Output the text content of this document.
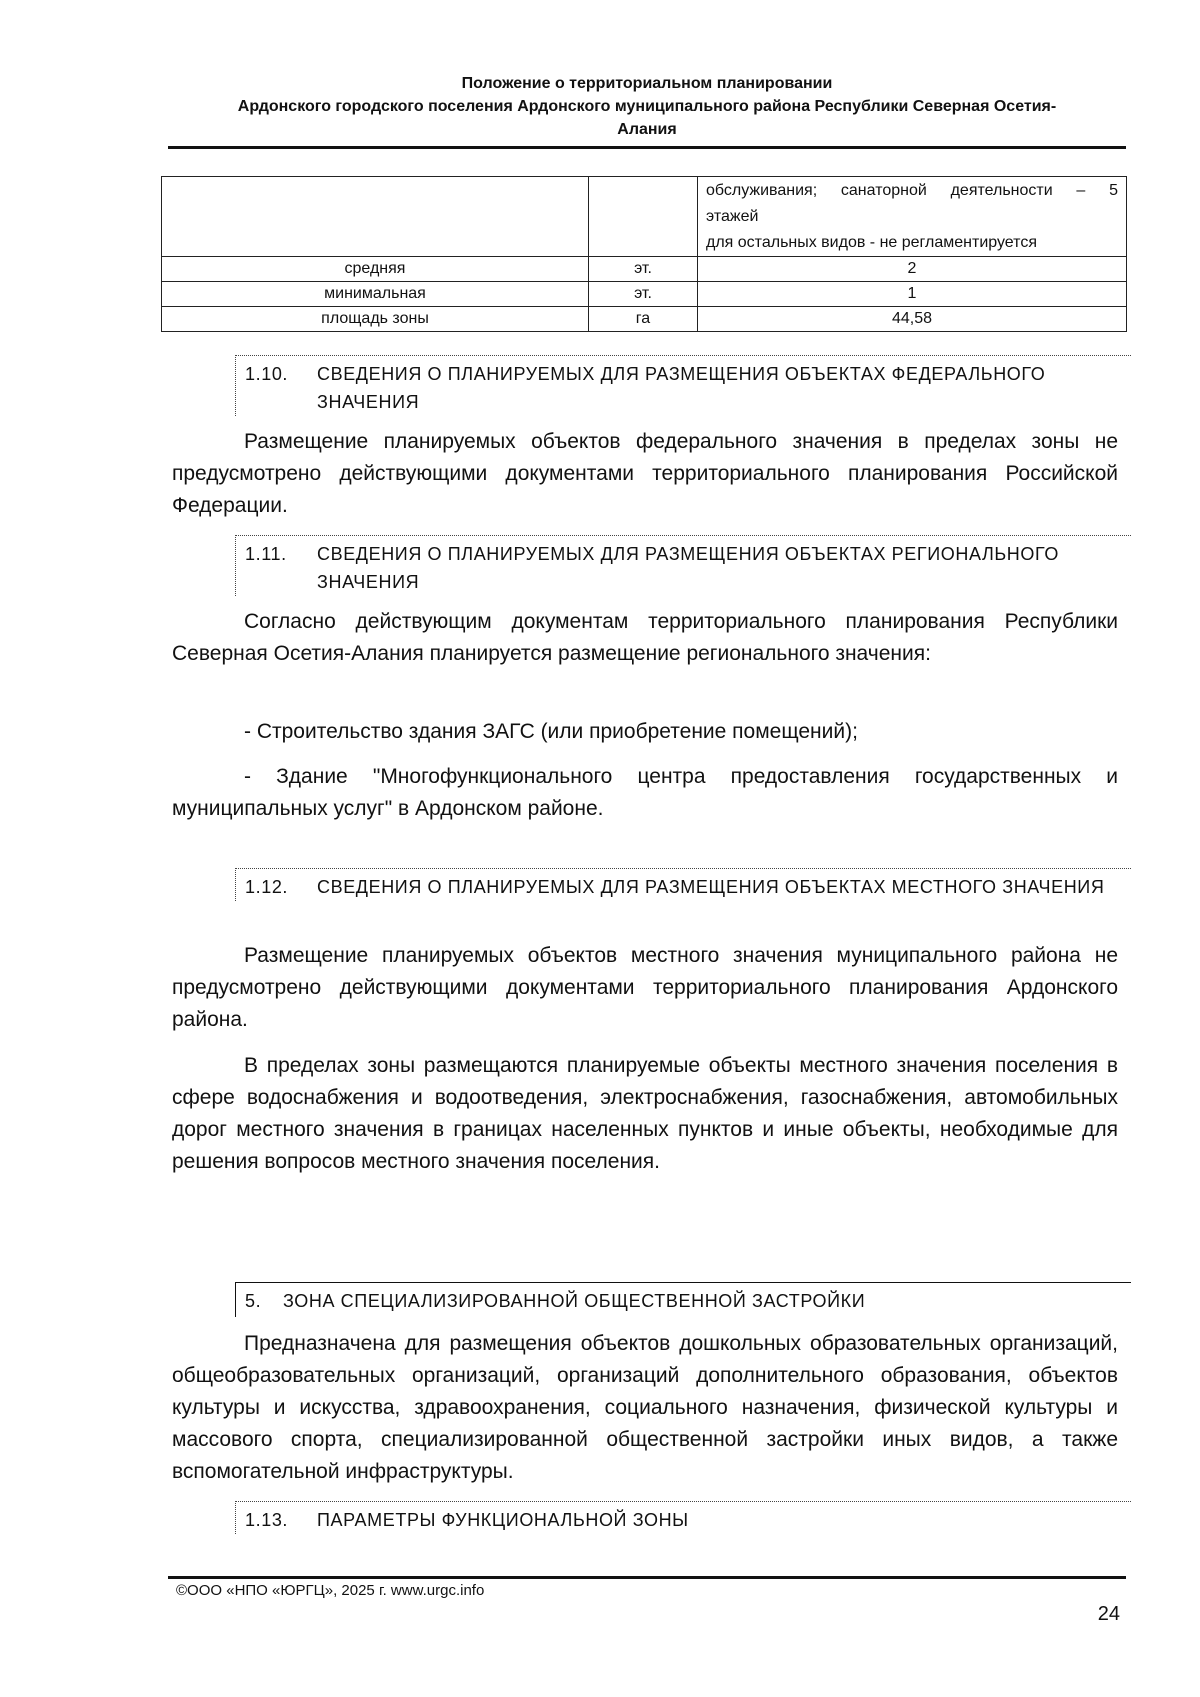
Положение о территориальном планировании
Ардонского городского поселения Ардонского муниципального района Республики Северная Осетия-
Алания

		обслуживания; санаторной деятельности – 5
этажей
для остальных видов - не регламентируется

средняя	эт.	2
минимальная	эт.	1
площадь зоны	га	44,58
1.10. СВЕДЕНИЯ О ПЛАНИРУЕМЫХ ДЛЯ РАЗМЕЩЕНИЯ ОБЪЕКТАХ ФЕДЕРАЛЬНОГО ЗНАЧЕНИЯ

Размещение планируемых объектов федерального значения в пределах зоны не предусмотрено действующими документами территориального планирования Российской Федерации.

1.11. СВЕДЕНИЯ О ПЛАНИРУЕМЫХ ДЛЯ РАЗМЕЩЕНИЯ ОБЪЕКТАХ РЕГИОНАЛЬНОГО ЗНАЧЕНИЯ

Согласно действующим документам территориального планирования Республики Северная Осетия-Алания планируется размещение регионального значения:

- Строительство здания ЗАГС (или приобретение помещений);

- Здание "Многофункционального центра предоставления государственных и муниципальных услуг" в Ардонском районе.

1.12. СВЕДЕНИЯ О ПЛАНИРУЕМЫХ ДЛЯ РАЗМЕЩЕНИЯ ОБЪЕКТАХ МЕСТНОГО ЗНАЧЕНИЯ

Размещение планируемых объектов местного значения муниципального района не предусмотрено действующими документами территориального планирования Ардонского района.

В пределах зоны размещаются планируемые объекты местного значения поселения в сфере водоснабжения и водоотведения, электроснабжения, газоснабжения, автомобильных дорог местного значения в границах населенных пунктов и иные объекты, необходимые для решения вопросов местного значения поселения.

5. ЗОНА СПЕЦИАЛИЗИРОВАННОЙ ОБЩЕСТВЕННОЙ ЗАСТРОЙКИ

Предназначена для размещения объектов дошкольных образовательных организаций, общеобразовательных организаций, организаций дополнительного образования, объектов культуры и искусства, здравоохранения, социального назначения, физической культуры и массового спорта, специализированной общественной застройки иных видов, а также вспомогательной инфраструктуры.

1.13. ПАРАМЕТРЫ ФУНКЦИОНАЛЬНОЙ ЗОНЫ
©ООО «НПО «ЮРГЦ», 2025 г. www.urgc.info
24
